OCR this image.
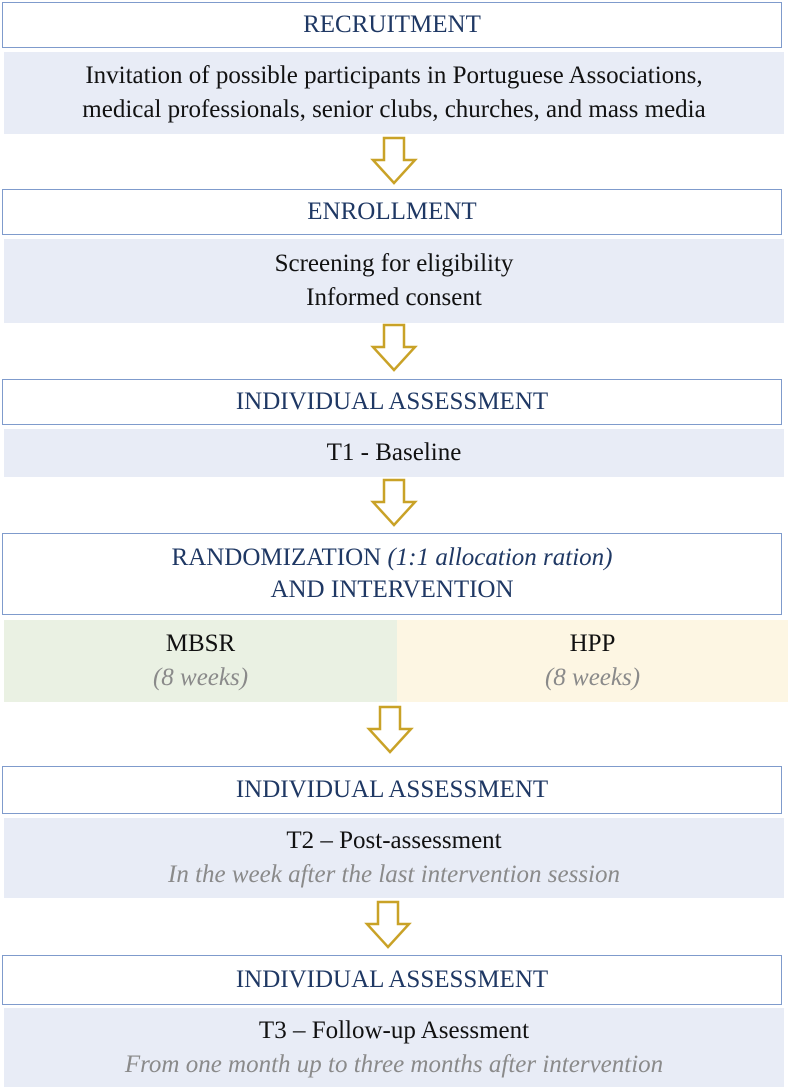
RECRUITMENT
Invitation of possible participants in Portuguese Associations,
medical professionals, senior clubs, churches, and mass media
ENROLLMENT
Screening for eligibility
Informed consent
INDIVIDUAL ASSESSMENT
T1 - Baseline
RANDOMIZATION (1:1 allocation ration)
AND INTERVENTION
MBSR
(8 weeks)
HPP
(8 weeks)
INDIVIDUAL ASSESSMENT
T2 – Post-assessment
In the week after the last intervention session
INDIVIDUAL ASSESSMENT
T3 – Follow-up Asessment
From one month up to three months after intervention
